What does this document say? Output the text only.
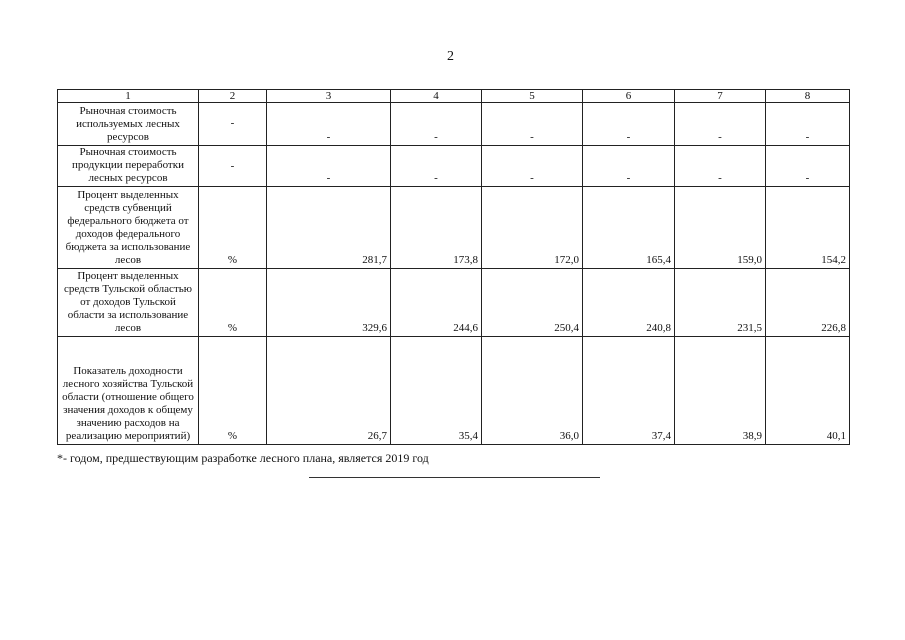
2
1	2	3	4	5	6	7	8
Рыночная стоимость используемых лесных ресурсов	-	-	-	-	-	-	-
Рыночная стоимость продукции переработки лесных ресурсов	-	-	-	-	-	-	-
Процент выделенных средств субвенций федерального бюджета от доходов федерального бюджета за использование лесов	%	281,7	173,8	172,0	165,4	159,0	154,2
Процент выделенных средств Тульской областью от доходов Тульской области за использование лесов	%	329,6	244,6	250,4	240,8	231,5	226,8
Показатель доходности лесного хозяйства Тульской области (отношение общего значения доходов к общему значению расходов на реализацию мероприятий)	%	26,7	35,4	36,0	37,4	38,9	40,1
*- годом, предшествующим разработке лесного плана, является 2019 год
